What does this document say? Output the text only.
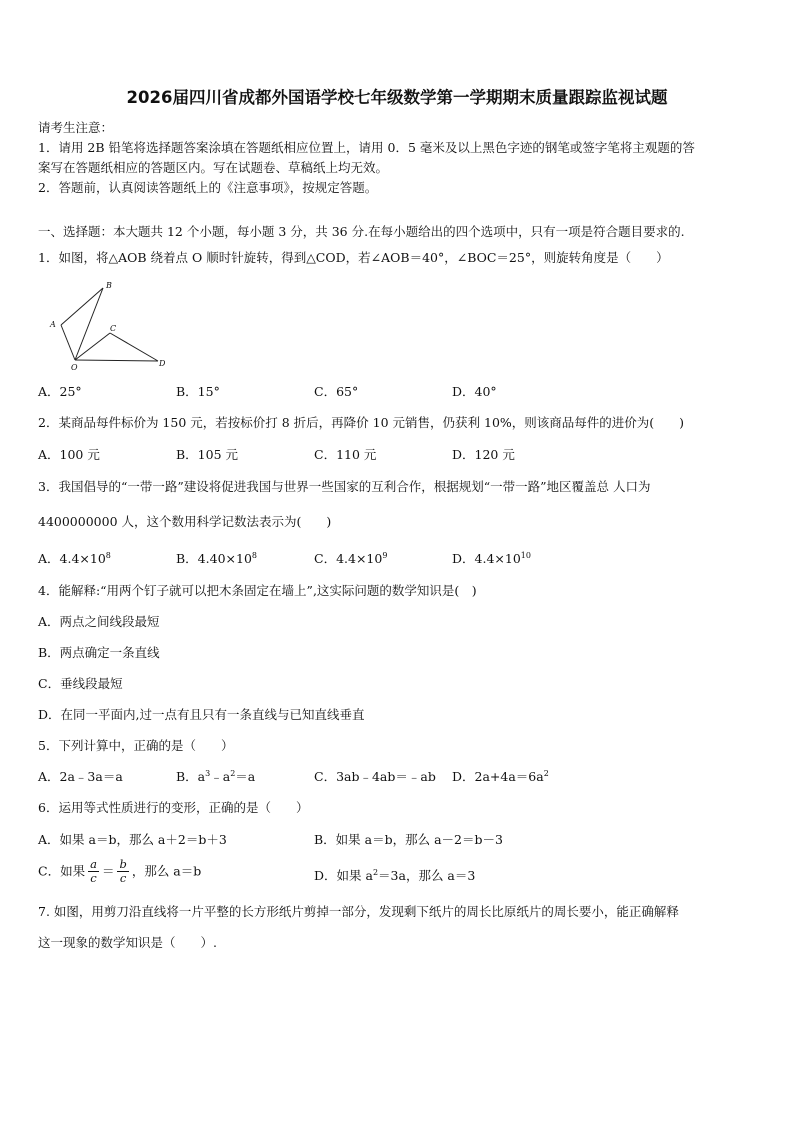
2026届四川省成都外国语学校七年级数学第一学期期末质量跟踪监视试题
请考生注意：
1．请用 2B 铅笔将选择题答案涂填在答题纸相应位置上，请用 0．5 毫米及以上黑色字迹的钢笔或签字笔将主观题的答
案写在答题纸相应的答题区内。写在试题卷、草稿纸上均无效。
2．答题前，认真阅读答题纸上的《注意事项》，按规定答题。
一、选择题：本大题共 12 个小题，每小题 3 分，共 36 分.在每小题给出的四个选项中，只有一项是符合题目要求的.
1．如图，将△AOB 绕着点 O 顺时针旋转，得到△COD，若∠AOB＝40°，∠BOC＝25°，则旋转角度是（　　）
A
B
C
O	D
A．25°	B．15°	C．65°	D．40°
2．某商品每件标价为 150 元，若按标价打 8 折后，再降价 10 元销售，仍获利 10%，则该商品每件的进价为(　　)
A．100 元	B．105 元	C．110 元	D．120 元
3．我国倡导的“一带一路”建设将促进我国与世界一些国家的互利合作，根据规划“一带一路”地区覆盖总 人口为
4400000000 人，这个数用科学记数法表示为(　　)
A．$4.4\times 10^8$	B．$4.40\times 10^8$	C．$4.4\times 10^9$	D．$4.4\times 10^{10}$
4．能解释:“用两个钉子就可以把木条固定在墙上”,这实际问题的数学知识是(　)
A．两点之间线段最短
B．两点确定一条直线
C．垂线段最短
D．在同一平面内,过一点有且只有一条直线与已知直线垂直
5．下列计算中，正确的是（　　）
A．2a﹣3a＝a	B．$a^3﹣a^2=a$	C．3ab﹣4ab＝﹣ab D．$2a+4a=6a^2$
6．运用等式性质进行的变形，正确的是（　　）
A．如果 a＝b，那么 a＋2＝b＋3	B．如果 a＝b，那么 a－2＝b－3
C．如果 $\frac{a}{c} = \frac{b}{c}$ ，那么 a＝b	D．如果 $a^2=3a$，那么 a＝3
7. 如图，用剪刀沿直线将一片平整的长方形纸片剪掉一部分，发现剩下纸片的周长比原纸片的周长要小，能正确解释
这一现象的数学知识是（　　）.
